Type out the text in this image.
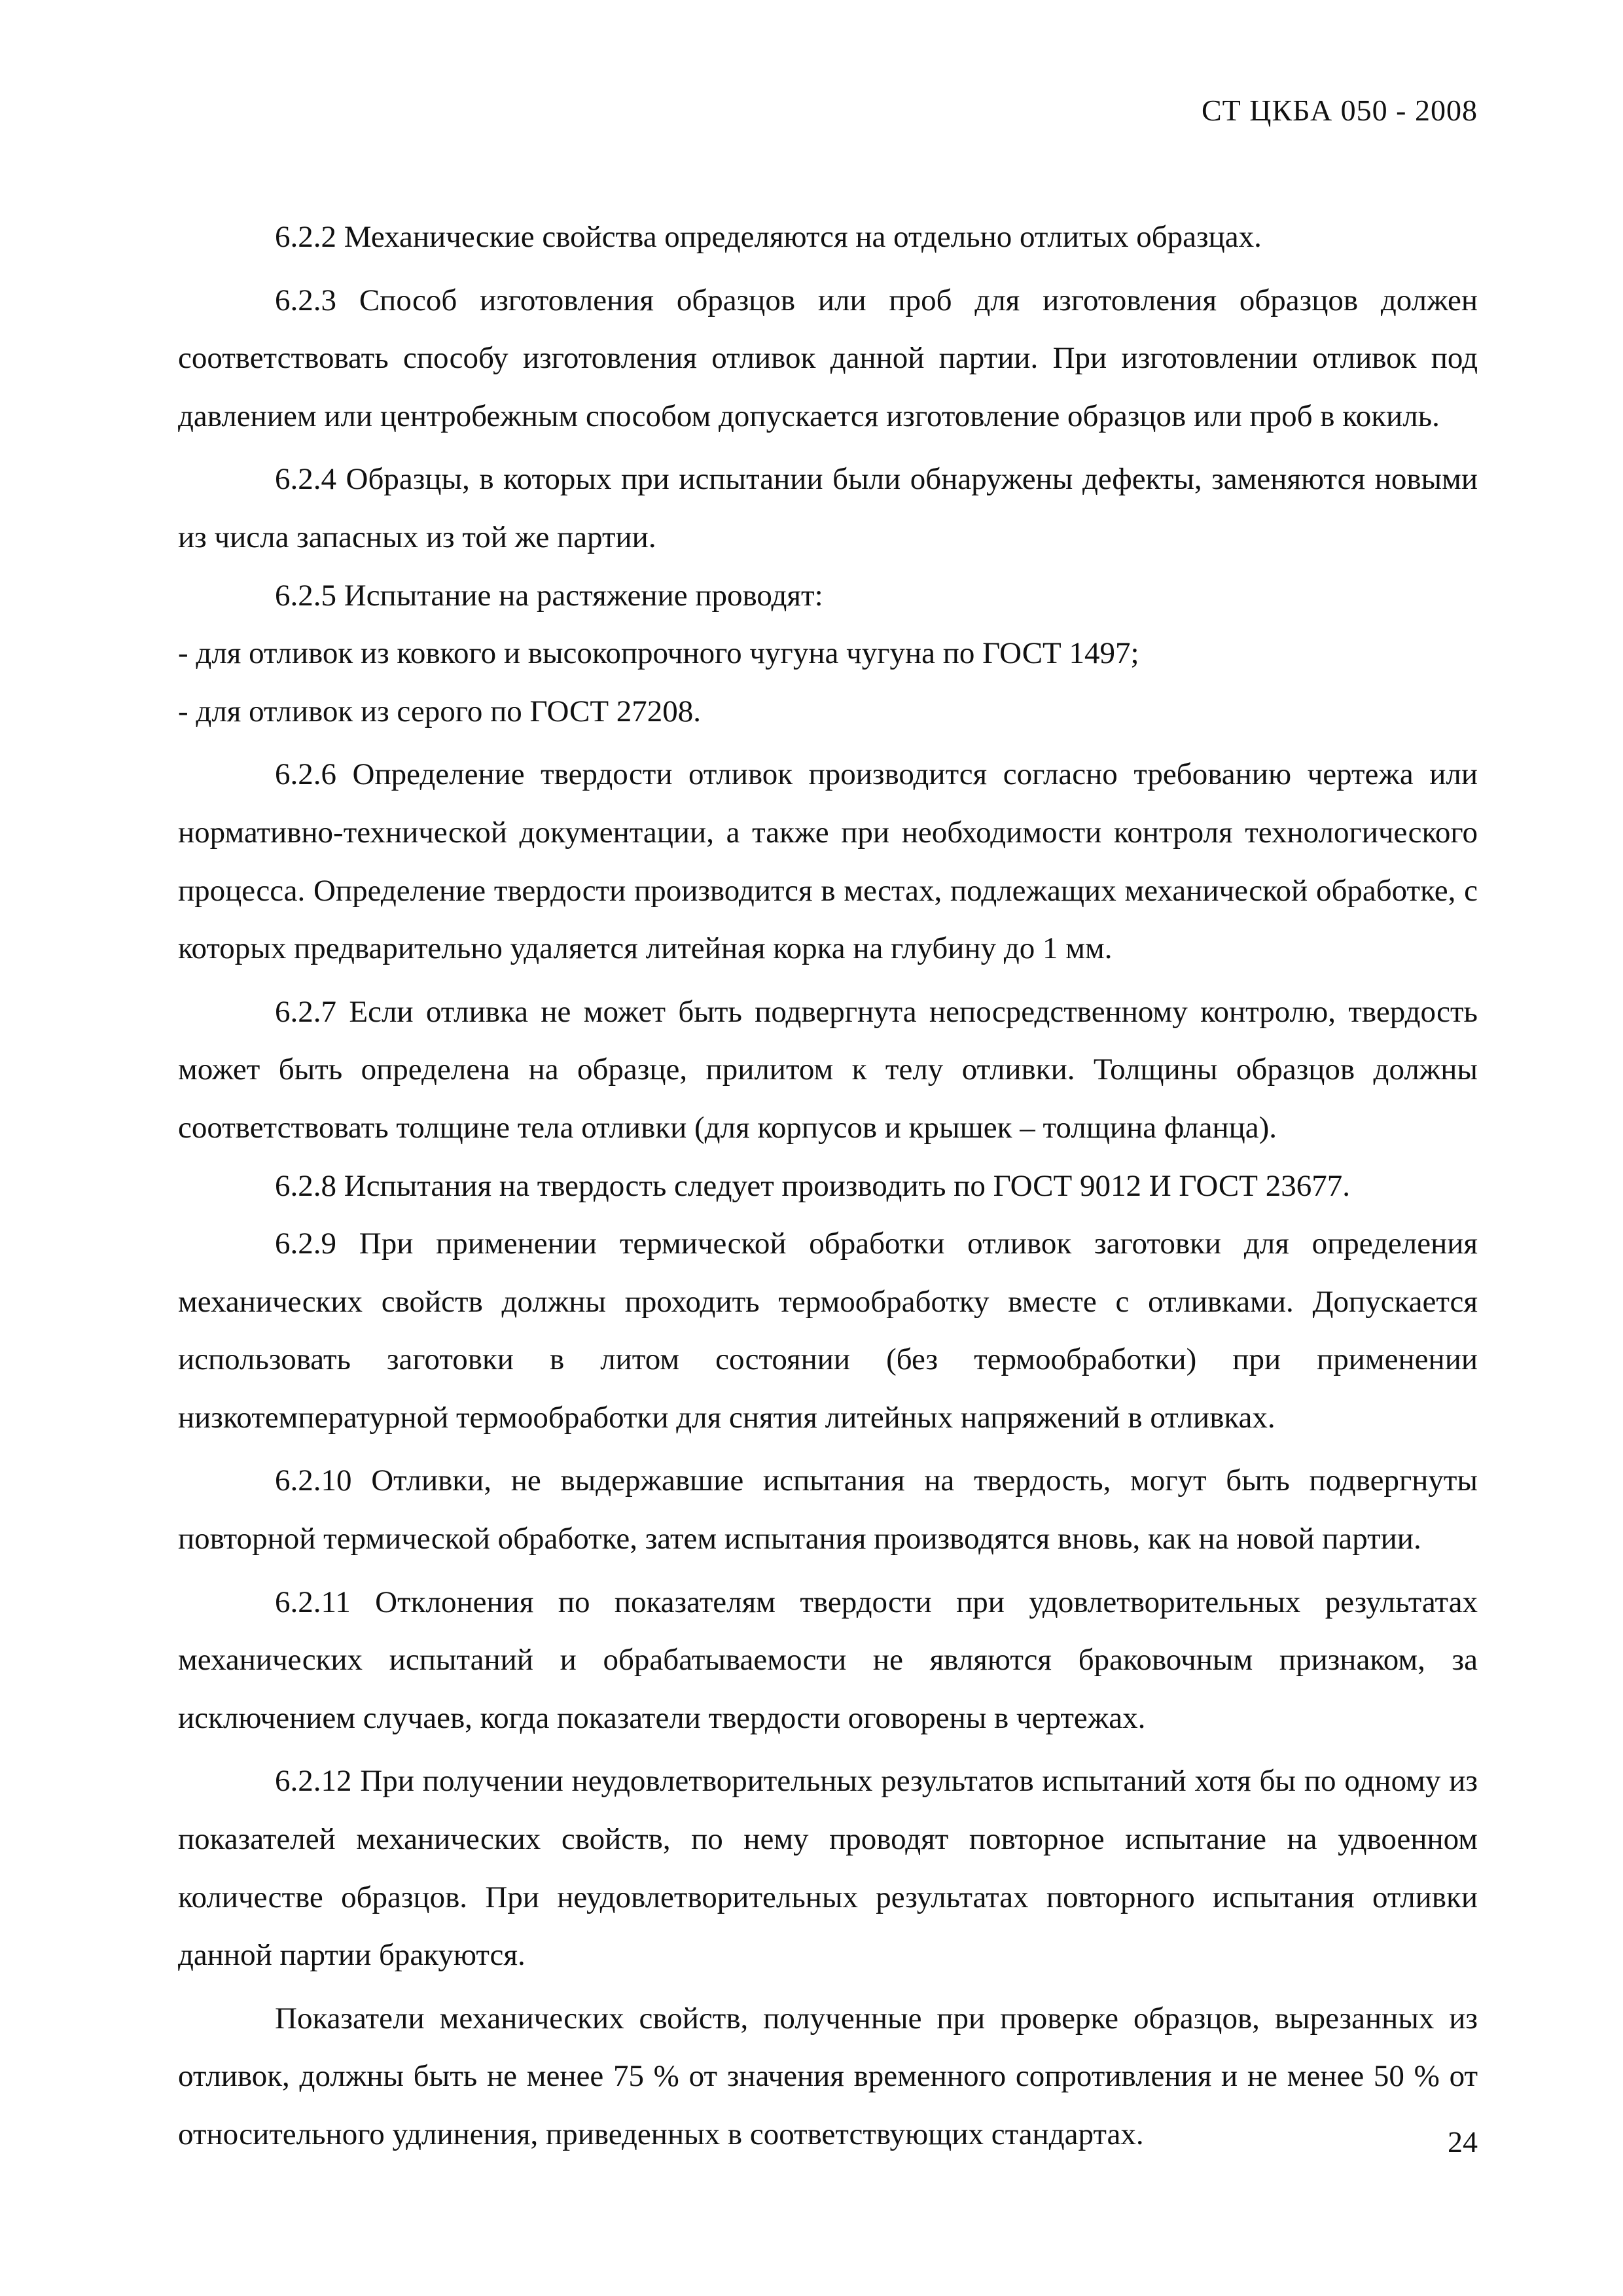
СТ ЦКБА 050 - 2008

6.2.2 Механические свойства определяются на отдельно отлитых образцах.

6.2.3 Способ изготовления образцов или проб для изготовления образцов должен соответствовать способу изготовления отливок данной партии. При изготовлении отливок под давлением или центробежным способом допускается изготовление образцов или проб в кокиль.

6.2.4 Образцы, в которых при испытании были обнаружены дефекты, заменяются новыми из числа запасных из той же партии.

6.2.5 Испытание на растяжение проводят:

- для отливок из ковкого и высокопрочного чугуна чугуна по ГОСТ 1497;

- для отливок из серого по ГОСТ 27208.

6.2.6 Определение твердости отливок производится согласно требованию чертежа или нормативно-технической документации, а также при необходимости контроля технологического процесса. Определение твердости производится в местах, подлежащих механической обработке, с которых предварительно удаляется литейная корка на глубину до 1 мм.

6.2.7 Если отливка не может быть подвергнута непосредственному контролю, твердость может быть определена на образце, прилитом к телу отливки. Толщины образцов должны соответствовать толщине тела отливки (для корпусов и крышек – толщина фланца).

6.2.8 Испытания на твердость следует производить по ГОСТ 9012 И ГОСТ 23677.

6.2.9 При применении термической обработки отливок заготовки для определения механических свойств должны проходить термообработку вместе с отливками. Допускается использовать заготовки в литом состоянии (без термообработки) при применении низкотемпературной термообработки для снятия литейных напряжений в отливках.

6.2.10 Отливки, не выдержавшие испытания на твердость, могут быть подвергнуты повторной термической обработке, затем испытания производятся вновь, как на новой партии.

6.2.11 Отклонения по показателям твердости при удовлетворительных результатах механических испытаний и обрабатываемости не являются браковочным признаком, за исключением случаев, когда показатели твердости оговорены в чертежах.

6.2.12 При получении неудовлетворительных результатов испытаний хотя бы по одному из показателей механических свойств, по нему проводят повторное испытание на удвоенном количестве образцов. При неудовлетворительных результатах повторного испытания отливки данной партии бракуются.

Показатели механических свойств, полученные при проверке образцов, вырезанных из отливок, должны быть не менее 75 % от значения временного сопротивления и не менее 50 % от относительного удлинения, приведенных в соответствующих стандартах.	24
